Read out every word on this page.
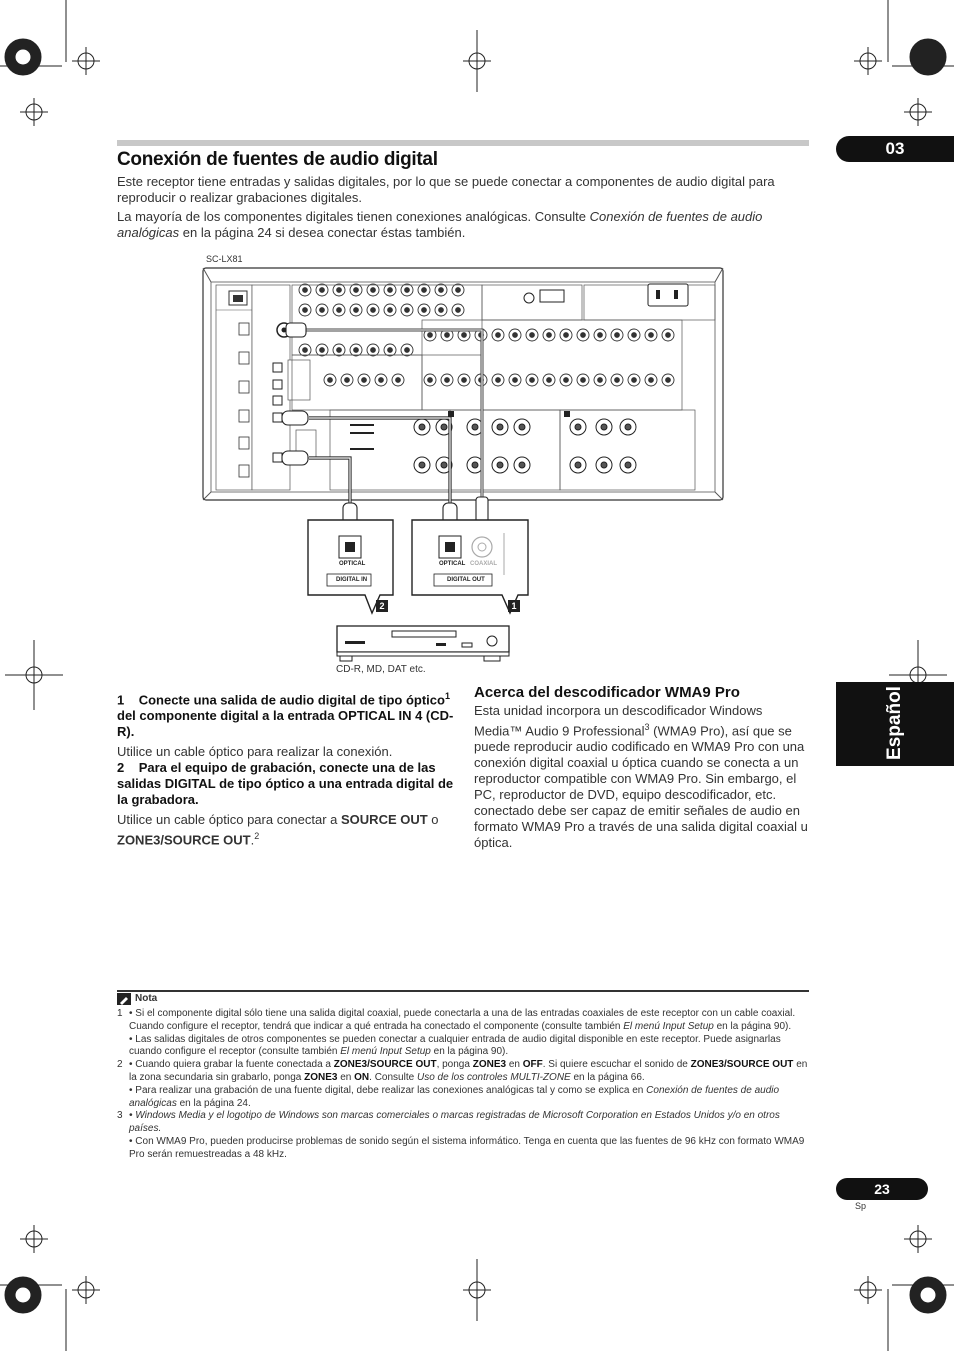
03
Español
Conexión de fuentes de audio digital
Este receptor tiene entradas y salidas digitales, por lo que se puede conectar a componentes de audio digital para reproducir o realizar grabaciones digitales.
La mayoría de los componentes digitales tienen conexiones analógicas. Consulte Conexión de fuentes de audio analógicas en la página 24 si desea conectar éstas también.
SC-LX81
OPTICAL
DIGITAL IN
OPTICAL COAXIAL
DIGITAL OUT
2	1
CD-R, MD, DAT etc.
1 Conecte una salida de audio digital de tipo óptico$^1$ del componente digital a la entrada OPTICAL IN 4 (CD-R).
Utilice un cable óptico para realizar la conexión.
2 Para el equipo de grabación, conecte una de las salidas DIGITAL de tipo óptico a una entrada digital de la grabadora.
Utilice un cable óptico para conectar a SOURCE OUT o ZONE3/SOURCE OUT.$^2$
Acerca del descodificador WMA9 Pro
Esta unidad incorpora un descodificador Windows Media™ Audio 9 Professional$^3$ (WMA9 Pro), así que se puede reproducir audio codificado en WMA9 Pro con una conexión digital coaxial u óptica cuando se conecta a un reproductor compatible con WMA9 Pro. Sin embargo, el PC, reproductor de DVD, equipo descodificador, etc. conectado debe ser capaz de emitir señales de audio en formato WMA9 Pro a través de una salida digital coaxial u óptica.
Nota
1 • Si el componente digital sólo tiene una salida digital coaxial, puede conectarla a una de las entradas coaxiales de este receptor con un cable coaxial. Cuando configure el receptor, tendrá que indicar a qué entrada ha conectado el componente (consulte también El menú Input Setup en la página 90).
• Las salidas digitales de otros componentes se pueden conectar a cualquier entrada de audio digital disponible en este receptor. Puede asignarlas cuando configure el receptor (consulte también El menú Input Setup en la página 90).
2 • Cuando quiera grabar la fuente conectada a ZONE3/SOURCE OUT, ponga ZONE3 en OFF. Si quiere escuchar el sonido de ZONE3/SOURCE OUT en la zona secundaria sin grabarlo, ponga ZONE3 en ON. Consulte Uso de los controles MULTI-ZONE en la página 66.
• Para realizar una grabación de una fuente digital, debe realizar las conexiones analógicas tal y como se explica en Conexión de fuentes de audio analógicas en la página 24.
3 • Windows Media y el logotipo de Windows son marcas comerciales o marcas registradas de Microsoft Corporation en Estados Unidos y/o en otros países.
• Con WMA9 Pro, pueden producirse problemas de sonido según el sistema informático. Tenga en cuenta que las fuentes de 96 kHz con formato WMA9 Pro serán remuestreadas a 48 kHz.
23
Sp
